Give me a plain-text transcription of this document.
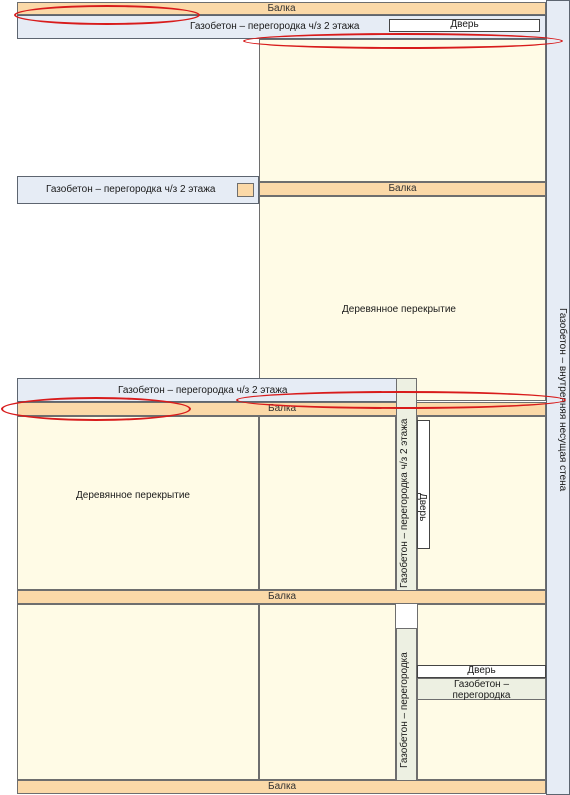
Газобетон – внутренняя несущая стена
Балка
Газобетон – перегородка ч/з 2 этажа	Дверь
Газобетон – перегородка ч/з 2 этажа	Балка
Деревянное перекрытие
Газобетон – перегородка ч/з 2 этажа
Балка
Деревянное перекрытие	Газобетон – перегородка ч/з 2 этажа Дверь
Балка
Газобетон – перегородка	Дверь
Газобетон –
перегородка
Балка
